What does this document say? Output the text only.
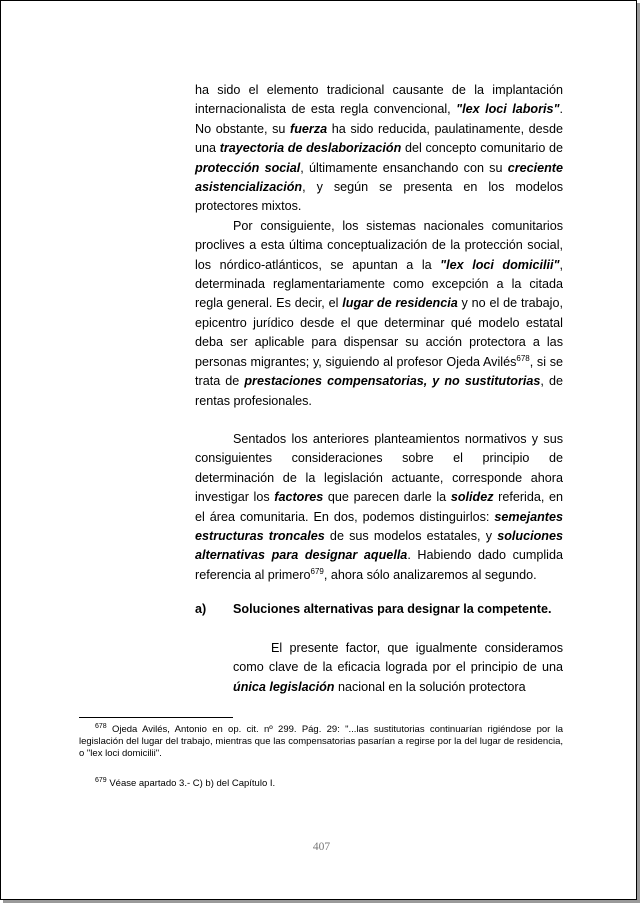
ha sido el elemento tradicional causante de la implantación internacionalista de esta regla convencional, "lex loci laboris". No obstante, su fuerza ha sido reducida, paulatinamente, desde una trayectoria de deslaborización del concepto comunitario de protección social, últimamente ensanchando con su creciente asistencialización, y según se presenta en los modelos protectores mixtos.

Por consiguiente, los sistemas nacionales comunitarios proclives a esta última conceptualización de la protección social, los nórdico-atlánticos, se apuntan a la "lex loci domicilii", determinada reglamentariamente como excepción a la citada regla general. Es decir, el lugar de residencia y no el de trabajo, epicentro jurídico desde el que determinar qué modelo estatal deba ser aplicable para dispensar su acción protectora a las personas migrantes; y, siguiendo al profesor Ojeda Avilés$^{678}$, si se trata de prestaciones compensatorias, y no sustitutorias, de rentas profesionales.

Sentados los anteriores planteamientos normativos y sus consiguientes consideraciones sobre el principio de determinación de la legislación actuante, corresponde ahora investigar los factores que parecen darle la solidez referida, en el área comunitaria. En dos, podemos distinguirlos: semejantes estructuras troncales de sus modelos estatales, y soluciones alternativas para designar aquella. Habiendo dado cumplida referencia al primero$^{679}$, ahora sólo analizaremos al segundo.

a) Soluciones alternativas para designar la competente.

El presente factor, que igualmente consideramos como clave de la eficacia lograda por el principio de una única legislación nacional en la solución protectora

$^{678}$ Ojeda Avilés, Antonio en op. cit. nº 299. Pág. 29: "...las sustitutorias continuarían rigiéndose por la legislación del lugar del trabajo, mientras que las compensatorias pasarían a regirse por la del lugar de residencia, o "lex loci domicilii".

$^{679}$ Véase apartado 3.- C) b) del Capítulo I.

407
